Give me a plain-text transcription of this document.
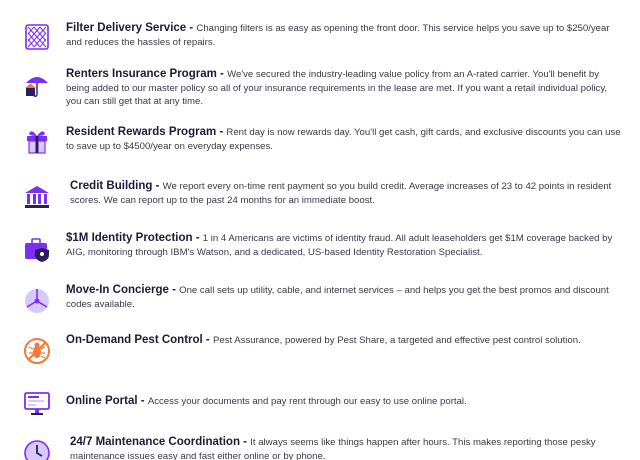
Filter Delivery Service - Changing filters is as easy as opening the front door. This service helps you save up to $250/year and reduces the hassles of repairs.
Renters Insurance Program - We've secured the industry-leading value policy from an A-rated carrier. You'll benefit by being added to our master policy so all of your insurance requirements in the lease are met. If you want a retail individual policy, you can still get that at any time.
Resident Rewards Program - Rent day is now rewards day. You'll get cash, gift cards, and exclusive discounts you can use to save up to $4500/year on everyday expenses.
Credit Building - We report every on-time rent payment so you build credit. Average increases of 23 to 42 points in resident scores. We can report up to the past 24 months for an immediate boost.
$1M Identity Protection - 1 in 4 Americans are victims of identity fraud. All adult leaseholders get $1M coverage backed by AIG, monitoring through IBM's Watson, and a dedicated, US-based Identity Restoration Specialist.
Move-In Concierge - One call sets up utility, cable, and internet services – and helps you get the best promos and discount codes available.
On-Demand Pest Control - Pest Assurance, powered by Pest Share, a targeted and effective pest control solution.
Online Portal - Access your documents and pay rent through our easy to use online portal.
24/7 Maintenance Coordination - It always seems like things happen after hours. This makes reporting those pesky maintenance issues easy and fast either online or by phone.
